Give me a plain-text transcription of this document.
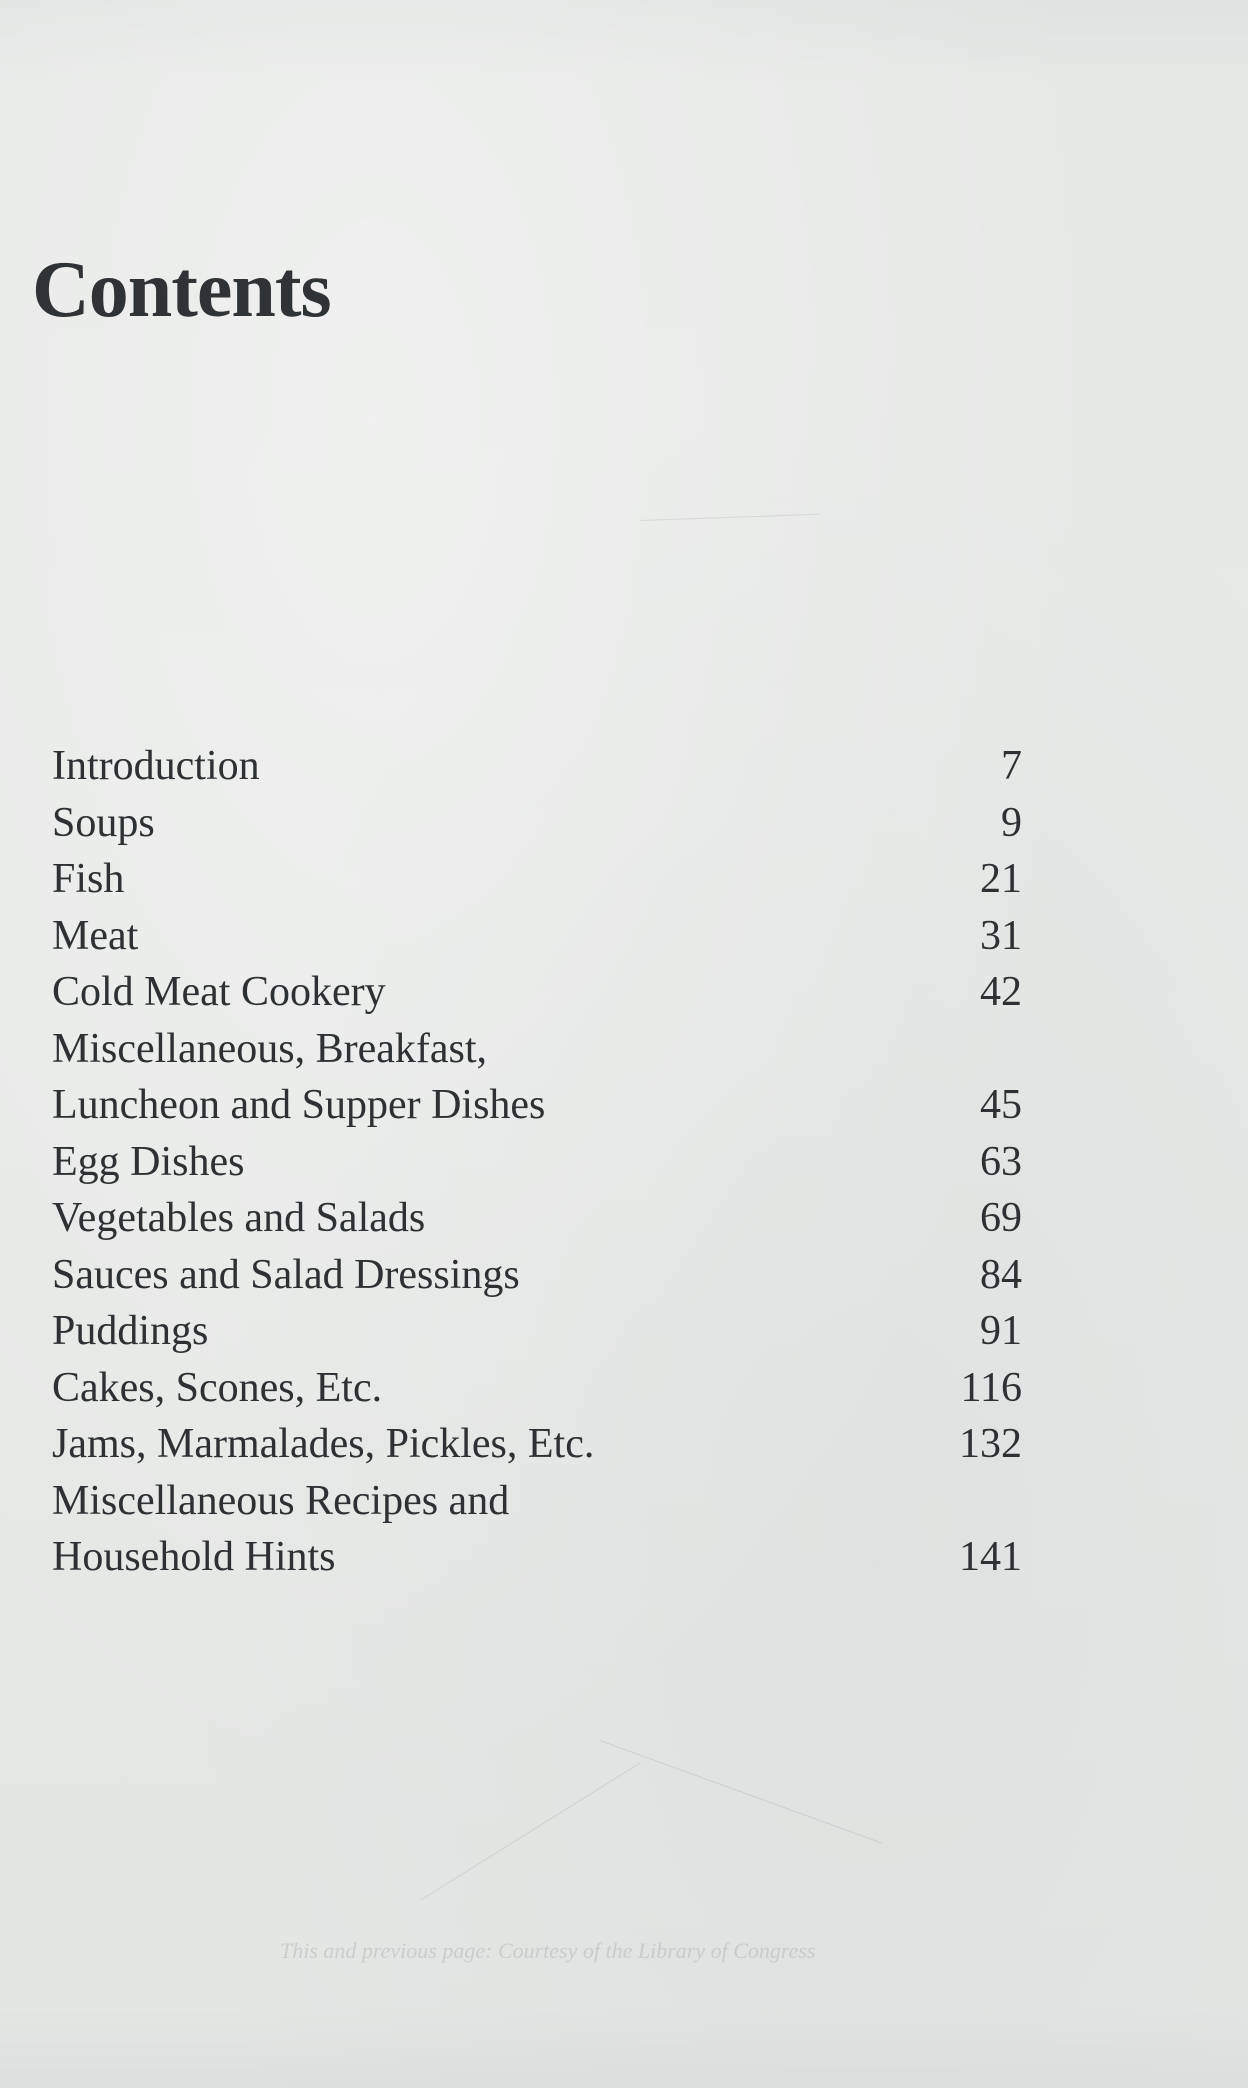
Contents
Introduction	7
Soups	9
Fish	21
Meat	31
Cold Meat Cookery	42
Miscellaneous, Breakfast,
Luncheon and Supper Dishes	45
Egg Dishes	63
Vegetables and Salads	69
Sauces and Salad Dressings	84
Puddings	91
Cakes, Scones, Etc.	116
Jams, Marmalades, Pickles, Etc.	132
Miscellaneous Recipes and
Household Hints	141
This and previous page: Courtesy of the Library of Congress
